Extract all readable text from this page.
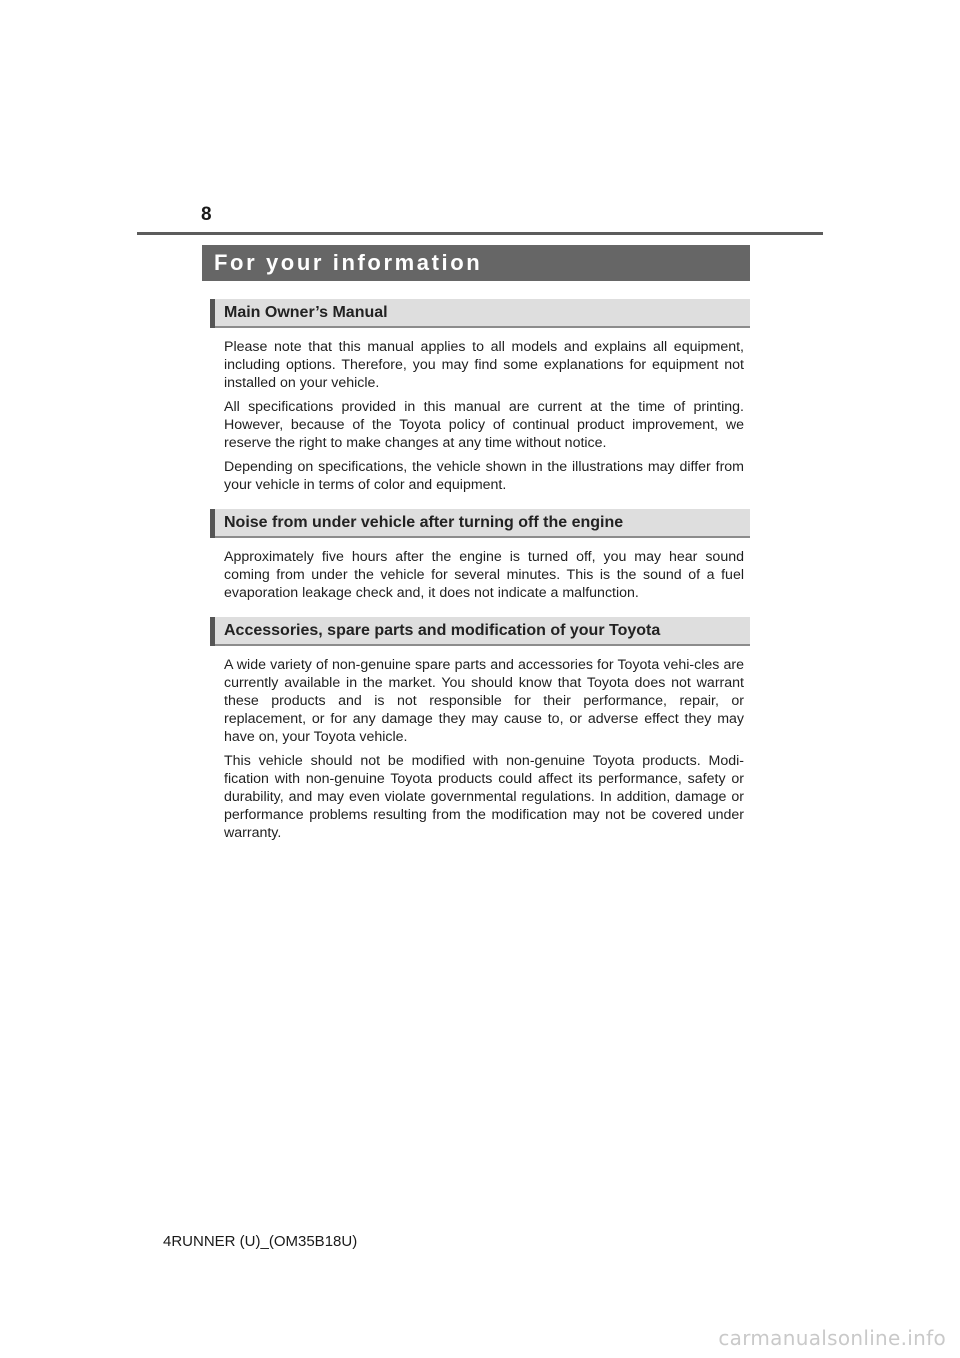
8
For your information
Main Owner’s Manual

Please note that this manual applies to all models and explains all equipment, including options. Therefore, you may find some explanations for equipment not installed on your vehicle.

All specifications provided in this manual are current at the time of printing. However, because of the Toyota policy of continual product improvement, we reserve the right to make changes at any time without notice.

Depending on specifications, the vehicle shown in the illustrations may differ from your vehicle in terms of color and equipment.

Noise from under vehicle after turning off the engine

Approximately five hours after the engine is turned off, you may hear sound coming from under the vehicle for several minutes. This is the sound of a fuel evaporation leakage check and, it does not indicate a malfunction.

Accessories, spare parts and modification of your Toyota

A wide variety of non-genuine spare parts and accessories for Toyota vehi-cles are currently available in the market. You should know that Toyota does not warrant these products and is not responsible for their performance, repair, or replacement, or for any damage they may cause to, or adverse effect they may have on, your Toyota vehicle.

This vehicle should not be modified with non-genuine Toyota products. Modi-fication with non-genuine Toyota products could affect its performance, safety or durability, and may even violate governmental regulations. In addition, damage or performance problems resulting from the modification may not be covered under warranty.

4RUNNER (U)_(OM35B18U)
carmanualsonline.info
